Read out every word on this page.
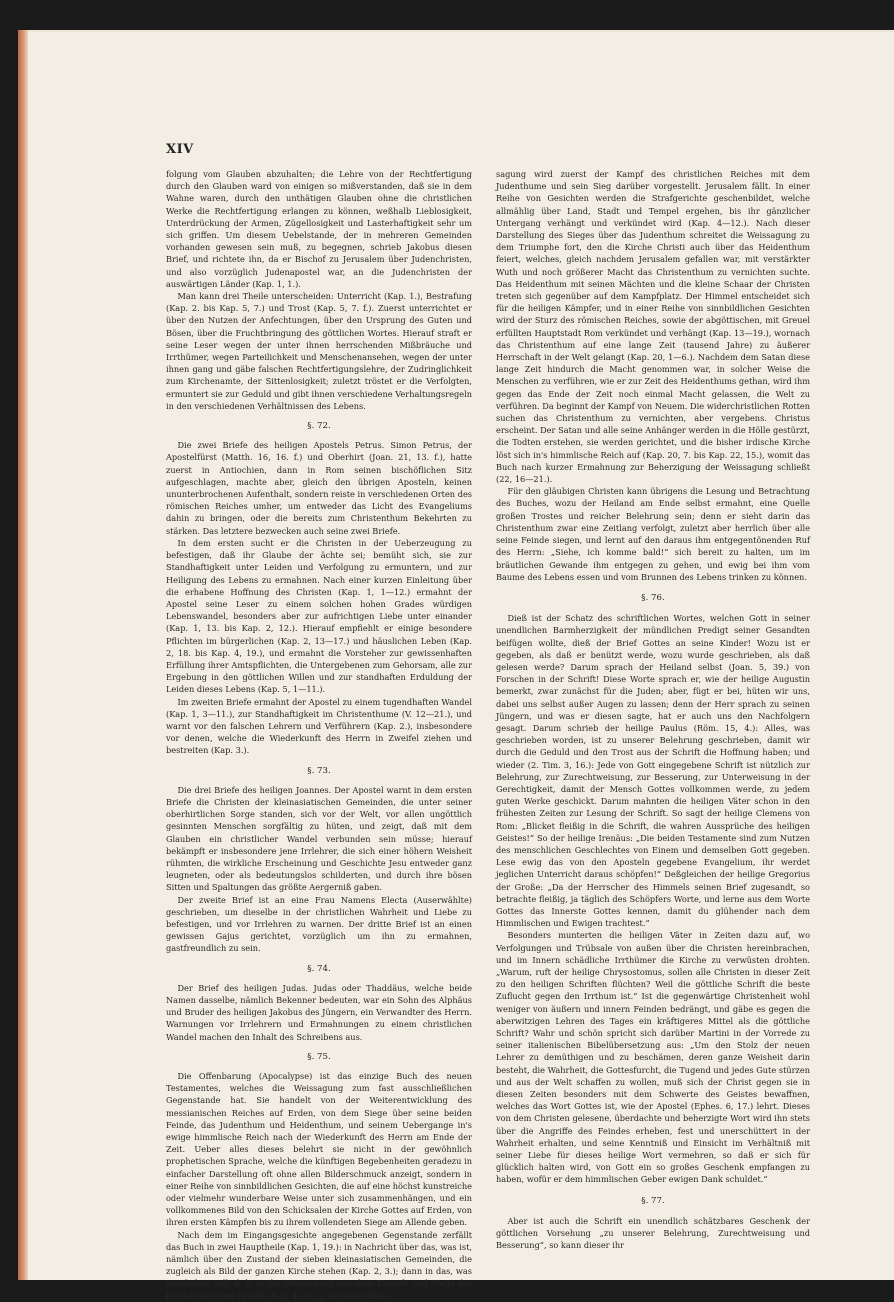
XIV

folgung vom Glauben abzuhalten; die Lehre von der Rechtfertigung durch den Glauben ward von einigen so mißverstanden, daß sie in dem Wahne waren, durch den unthätigen Glauben ohne die christlichen Werke die Rechtfertigung erlangen zu können, weßhalb Lieblosigkeit, Unterdrückung der Armen, Zügellosigkeit und Lasterhaftigkeit sehr um sich griffen. Um diesem Uebelstande, der in mehreren Gemeinden vorhanden gewesen sein muß, zu begegnen, schrieb Jakobus diesen Brief, und richtete ihn, da er Bischof zu Jerusalem über Judenchristen, und also vorzüglich Judenapostel war, an die Judenchristen der auswärtigen Länder (Kap. 1, 1.).

Man kann drei Theile unterscheiden: Unterricht (Kap. 1.), Bestrafung (Kap. 2. bis Kap. 5, 7.) und Trost (Kap. 5, 7. f.). Zuerst unterrichtet er über den Nutzen der Anfechtungen, über den Ursprung des Guten und Bösen, über die Fruchtbringung des göttlichen Wortes. Hierauf straft er seine Leser wegen der unter ihnen herrschenden Mißbräuche und Irrthümer, wegen Parteilichkeit und Menschenansehen, wegen der unter ihnen gang und gäbe falschen Rechtfertigungslehre, der Zudringlichkeit zum Kirchenamte, der Sittenlosigkeit; zuletzt tröstet er die Verfolgten, ermuntert sie zur Geduld und gibt ihnen verschiedene Verhaltungsregeln in den verschiedenen Verhältnissen des Lebens.

§. 72.

Die zwei Briefe des heiligen Apostels Petrus. Simon Petrus, der Apostelfürst (Matth. 16, 16. f.) und Oberhirt (Joan. 21, 13. f.), hatte zuerst in Antiochien, dann in Rom seinen bischöflichen Sitz aufgeschlagen, machte aber, gleich den übrigen Aposteln, keinen ununterbrochenen Aufenthalt, sondern reiste in verschiedenen Orten des römischen Reiches umher, um entweder das Licht des Evangeliums dahin zu bringen, oder die bereits zum Christenthum Bekehrten zu stärken. Das letztere bezwecken auch seine zwei Briefe.

In dem ersten sucht er die Christen in der Ueberzeugung zu befestigen, daß ihr Glaube der ächte sei; bemüht sich, sie zur Standhaftigkeit unter Leiden und Verfolgung zu ermuntern, und zur Heiligung des Lebens zu ermahnen. Nach einer kurzen Einleitung über die erhabene Hoffnung des Christen (Kap. 1, 1—12.) ermahnt der Apostel seine Leser zu einem solchen hohen Grades würdigen Lebenswandel, besonders aber zur aufrichtigen Liebe unter einander (Kap. 1, 13. bis Kap. 2, 12.). Hierauf empfiehlt er einige besondere Pflichten im bürgerlichen (Kap. 2, 13—17.) und häuslichen Leben (Kap. 2, 18. bis Kap. 4, 19.), und ermahnt die Vorsteher zur gewissenhaften Erfüllung ihrer Amtspflichten, die Untergebenen zum Gehorsam, alle zur Ergebung in den göttlichen Willen und zur standhaften Erduldung der Leiden dieses Lebens (Kap. 5, 1—11.).

Im zweiten Briefe ermahnt der Apostel zu einem tugendhaften Wandel (Kap. 1, 3—11.), zur Standhaftigkeit im Christenthume (V. 12—21.), und warnt vor den falschen Lehrern und Verführern (Kap. 2.), insbesondere vor denen, welche die Wiederkunft des Herrn in Zweifel ziehen und bestreiten (Kap. 3.).

§. 73.

Die drei Briefe des heiligen Joannes. Der Apostel warnt in dem ersten Briefe die Christen der kleinasiatischen Gemeinden, die unter seiner oberhirtlichen Sorge standen, sich vor der Welt, vor allen ungöttlich gesinnten Menschen sorgfältig zu hüten, und zeigt, daß mit dem Glauben ein christlicher Wandel verbunden sein müsse; hierauf bekämpft er insbesondere jene Irrlehrer, die sich einer höhern Weisheit rühmten, die wirkliche Erscheinung und Geschichte Jesu entweder ganz leugneten, oder als bedeutungslos schilderten, und durch ihre bösen Sitten und Spaltungen das größte Aergerniß gaben.

Der zweite Brief ist an eine Frau Namens Electa (Auserwählte) geschrieben, um dieselbe in der christlichen Wahrheit und Liebe zu befestigen, und vor Irrlehren zu warnen. Der dritte Brief ist an einen gewissen Gajus gerichtet, vorzüglich um ihn zu ermahnen, gastfreundlich zu sein.

§. 74.

Der Brief des heiligen Judas. Judas oder Thaddäus, welche beide Namen dasselbe, nämlich Bekenner bedeuten, war ein Sohn des Alphäus und Bruder des heiligen Jakobus des Jüngern, ein Verwandter des Herrn. Warnungen vor Irrlehrern und Ermahnungen zu einem christlichen Wandel machen den Inhalt des Schreibens aus.

§. 75.

Die Offenbarung (Apocalypse) ist das einzige Buch des neuen Testamentes, welches die Weissagung zum fast ausschließlichen Gegenstande hat. Sie handelt von der Weiterentwicklung des messianischen Reiches auf Erden, von dem Siege über seine beiden Feinde, das Judenthum und Heidenthum, und seinem Uebergange in's ewige himmlische Reich nach der Wiederkunft des Herrn am Ende der Zeit. Ueber alles dieses belehrt sie nicht in der gewöhnlich prophetischen Sprache, welche die künftigen Begebenheiten geradezu in einfacher Darstellung oft ohne allen Bilderschmuck anzeigt, sondern in einer Reihe von sinnbildlichen Gesichten, die auf eine höchst kunstreiche oder vielmehr wunderbare Weise unter sich zusammenhängen, und ein vollkommenes Bild von den Schicksalen der Kirche Gottes auf Erden, von ihren ersten Kämpfen bis zu ihrem vollendeten Siege am Allende geben.

Nach dem im Eingangsgesichte angegebenen Gegenstande zerfällt das Buch in zwei Hauptheile (Kap. 1, 19.): in Nachricht über das, was ist, nämlich über den Zustand der sieben kleinasiatischen Gemeinden, die zugleich als Bild der ganzen Kirche stehen (Kap. 2, 3.); dann in das, was geschehen soll, d. h. in die Weissagung von dem Kampfe und Siege der Kirche über ihre Feinde (Kap. 4—22.). In dieser Weis-

sagung wird zuerst der Kampf des christlichen Reiches mit dem Judenthume und sein Sieg darüber vorgestellt. Jerusalem fällt. In einer Reihe von Gesichten werden die Strafgerichte geschenbildet, welche allmählig über Land, Stadt und Tempel ergehen, bis ihr gänzlicher Untergang verhängt und verkündet wird (Kap. 4—12.). Nach dieser Darstellung des Sieges über das Judenthum schreitet die Weissagung zu dem Triumphe fort, den die Kirche Christi auch über das Heidenthum feiert, welches, gleich nachdem Jerusalem gefallen war, mit verstärkter Wuth und noch größerer Macht das Christenthum zu vernichten suchte. Das Heidenthum mit seinen Mächten und die kleine Schaar der Christen treten sich gegenüber auf dem Kampfplatz. Der Himmel entscheidet sich für die heiligen Kämpfer, und in einer Reihe von sinnbildlichen Gesichten wird der Sturz des römischen Reiches, sowie der abgöttischen, mit Greuel erfüllten Hauptstadt Rom verkündet und verhängt (Kap. 13—19.), wornach das Christenthum auf eine lange Zeit (tausend Jahre) zu äußerer Herrschaft in der Welt gelangt (Kap. 20, 1—6.). Nachdem dem Satan diese lange Zeit hindurch die Macht genommen war, in solcher Weise die Menschen zu verführen, wie er zur Zeit des Heidenthums gethan, wird ihm gegen das Ende der Zeit noch einmal Macht gelassen, die Welt zu verführen. Da beginnt der Kampf von Neuem. Die widerchristlichen Rotten suchen das Christenthum zu vernichten, aber vergebens. Christus erscheint. Der Satan und alle seine Anhänger werden in die Hölle gestürzt, die Todten erstehen, sie werden gerichtet, und die bisher irdische Kirche löst sich in's himmlische Reich auf (Kap. 20, 7. bis Kap. 22, 15.), womit das Buch nach kurzer Ermahnung zur Beherzigung der Weissagung schließt (22, 16—21.).

Für den gläubigen Christen kann übrigens die Lesung und Betrachtung des Buches, wozu der Heiland am Ende selbst ermahnt, eine Quelle großen Trostes und reicher Belehrung sein; denn er sieht darin das Christenthum zwar eine Zeitlang verfolgt, zuletzt aber herrlich über alle seine Feinde siegen, und lernt auf den daraus ihm entgegentönenden Ruf des Herrn: „Siehe, ich komme bald!“ sich bereit zu halten, um im bräutlichen Gewande ihm entgegen zu gehen, und ewig bei ihm vom Baume des Lebens essen und vom Brunnen des Lebens trinken zu können.

§. 76.

Dieß ist der Schatz des schriftlichen Wortes, welchen Gott in seiner unendlichen Barmherzigkeit der mündlichen Predigt seiner Gesandten beifügen wollte, dieß der Brief Gottes an seine Kinder! Wozu ist er gegeben, als daß er benützt werde, wozu wurde geschrieben, als daß gelesen werde? Darum sprach der Heiland selbst (Joan. 5, 39.) von Forschen in der Schrift! Diese Worte sprach er, wie der heilige Augustin bemerkt, zwar zunächst für die Juden; aber, fügt er bei, hüten wir uns, dabei uns selbst außer Augen zu lassen; denn der Herr sprach zu seinen Jüngern, und was er diesen sagte, hat er auch uns den Nachfolgern gesagt. Darum schrieb der heilige Paulus (Röm. 15, 4.): Alles, was geschrieben worden, ist zu unserer Belehrung geschrieben, damit wir durch die Geduld und den Trost aus der Schrift die Hoffnung haben; und wieder (2. Tim. 3, 16.): Jede von Gott eingegebene Schrift ist nützlich zur Belehrung, zur Zurechtweisung, zur Besserung, zur Unterweisung in der Gerechtigkeit, damit der Mensch Gottes vollkommen werde, zu jedem guten Werke geschickt. Darum mahnten die heiligen Väter schon in den frühesten Zeiten zur Lesung der Schrift. So sagt der heilige Clemens von Rom: „Blicket fleißig in die Schrift, die wahren Aussprüche des heiligen Geistes!“ So der heilige Irenäus: „Die beiden Testamente sind zum Nutzen des menschlichen Geschlechtes von Einem und demselben Gott gegeben. Lese ewig das von den Aposteln gegebene Evangelium, ihr werdet jeglichen Unterricht daraus schöpfen!“ Deßgleichen der heilige Gregorius der Große: „Da der Herrscher des Himmels seinen Brief zugesandt, so betrachte fleißig, ja täglich des Schöpfers Worte, und lerne aus dem Worte Gottes das Innerste Gottes kennen, damit du glühender nach dem Himmlischen und Ewigen trachtest.“

Besonders munterten die heiligen Väter in Zeiten dazu auf, wo Verfolgungen und Trübsale von außen über die Christen hereinbrachen, und im Innern schädliche Irrthümer die Kirche zu verwüsten drohten. „Warum, ruft der heilige Chrysostomus, sollen alle Christen in dieser Zeit zu den heiligen Schriften flüchten? Weil die göttliche Schrift die beste Zuflucht gegen den Irrthum ist.“ Ist die gegenwärtige Christenheit wohl weniger von äußern und innern Feinden bedrängt, und gäbe es gegen die aberwitzigen Lehren des Tages ein kräftigeres Mittel als die göttliche Schrift? Wahr und schön spricht sich darüber Martini in der Vorrede zu seiner italienischen Bibelübersetzung aus: „Um den Stolz der neuen Lehrer zu demüthigen und zu beschämen, deren ganze Weisheit darin besteht, die Wahrheit, die Gottesfurcht, die Tugend und jedes Gute stürzen und aus der Welt schaffen zu wollen, muß sich der Christ gegen sie in diesen Zeiten besonders mit dem Schwerte des Geistes bewaffnen, welches das Wort Gottes ist, wie der Apostel (Ephes. 6, 17.) lehrt. Dieses von dem Christen gelesene, überdachte und beherzigte Wort wird ihn stets über die Angriffe des Feindes erheben, fest und unerschüttert in der Wahrheit erhalten, und seine Kenntniß und Einsicht im Verhältniß mit seiner Liebe für dieses heilige Wort vermehren, so daß er sich für glücklich halten wird, von Gott ein so großes Geschenk empfangen zu haben, wofür er dem himmlischen Geber ewigen Dank schuldet.“

§. 77.

Aber ist auch die Schrift ein unendlich schätzbares Geschenk der göttlichen Vorsehung „zu unserer Belehrung, Zurechtweisung und Besserung“, so kann dieser ihr
